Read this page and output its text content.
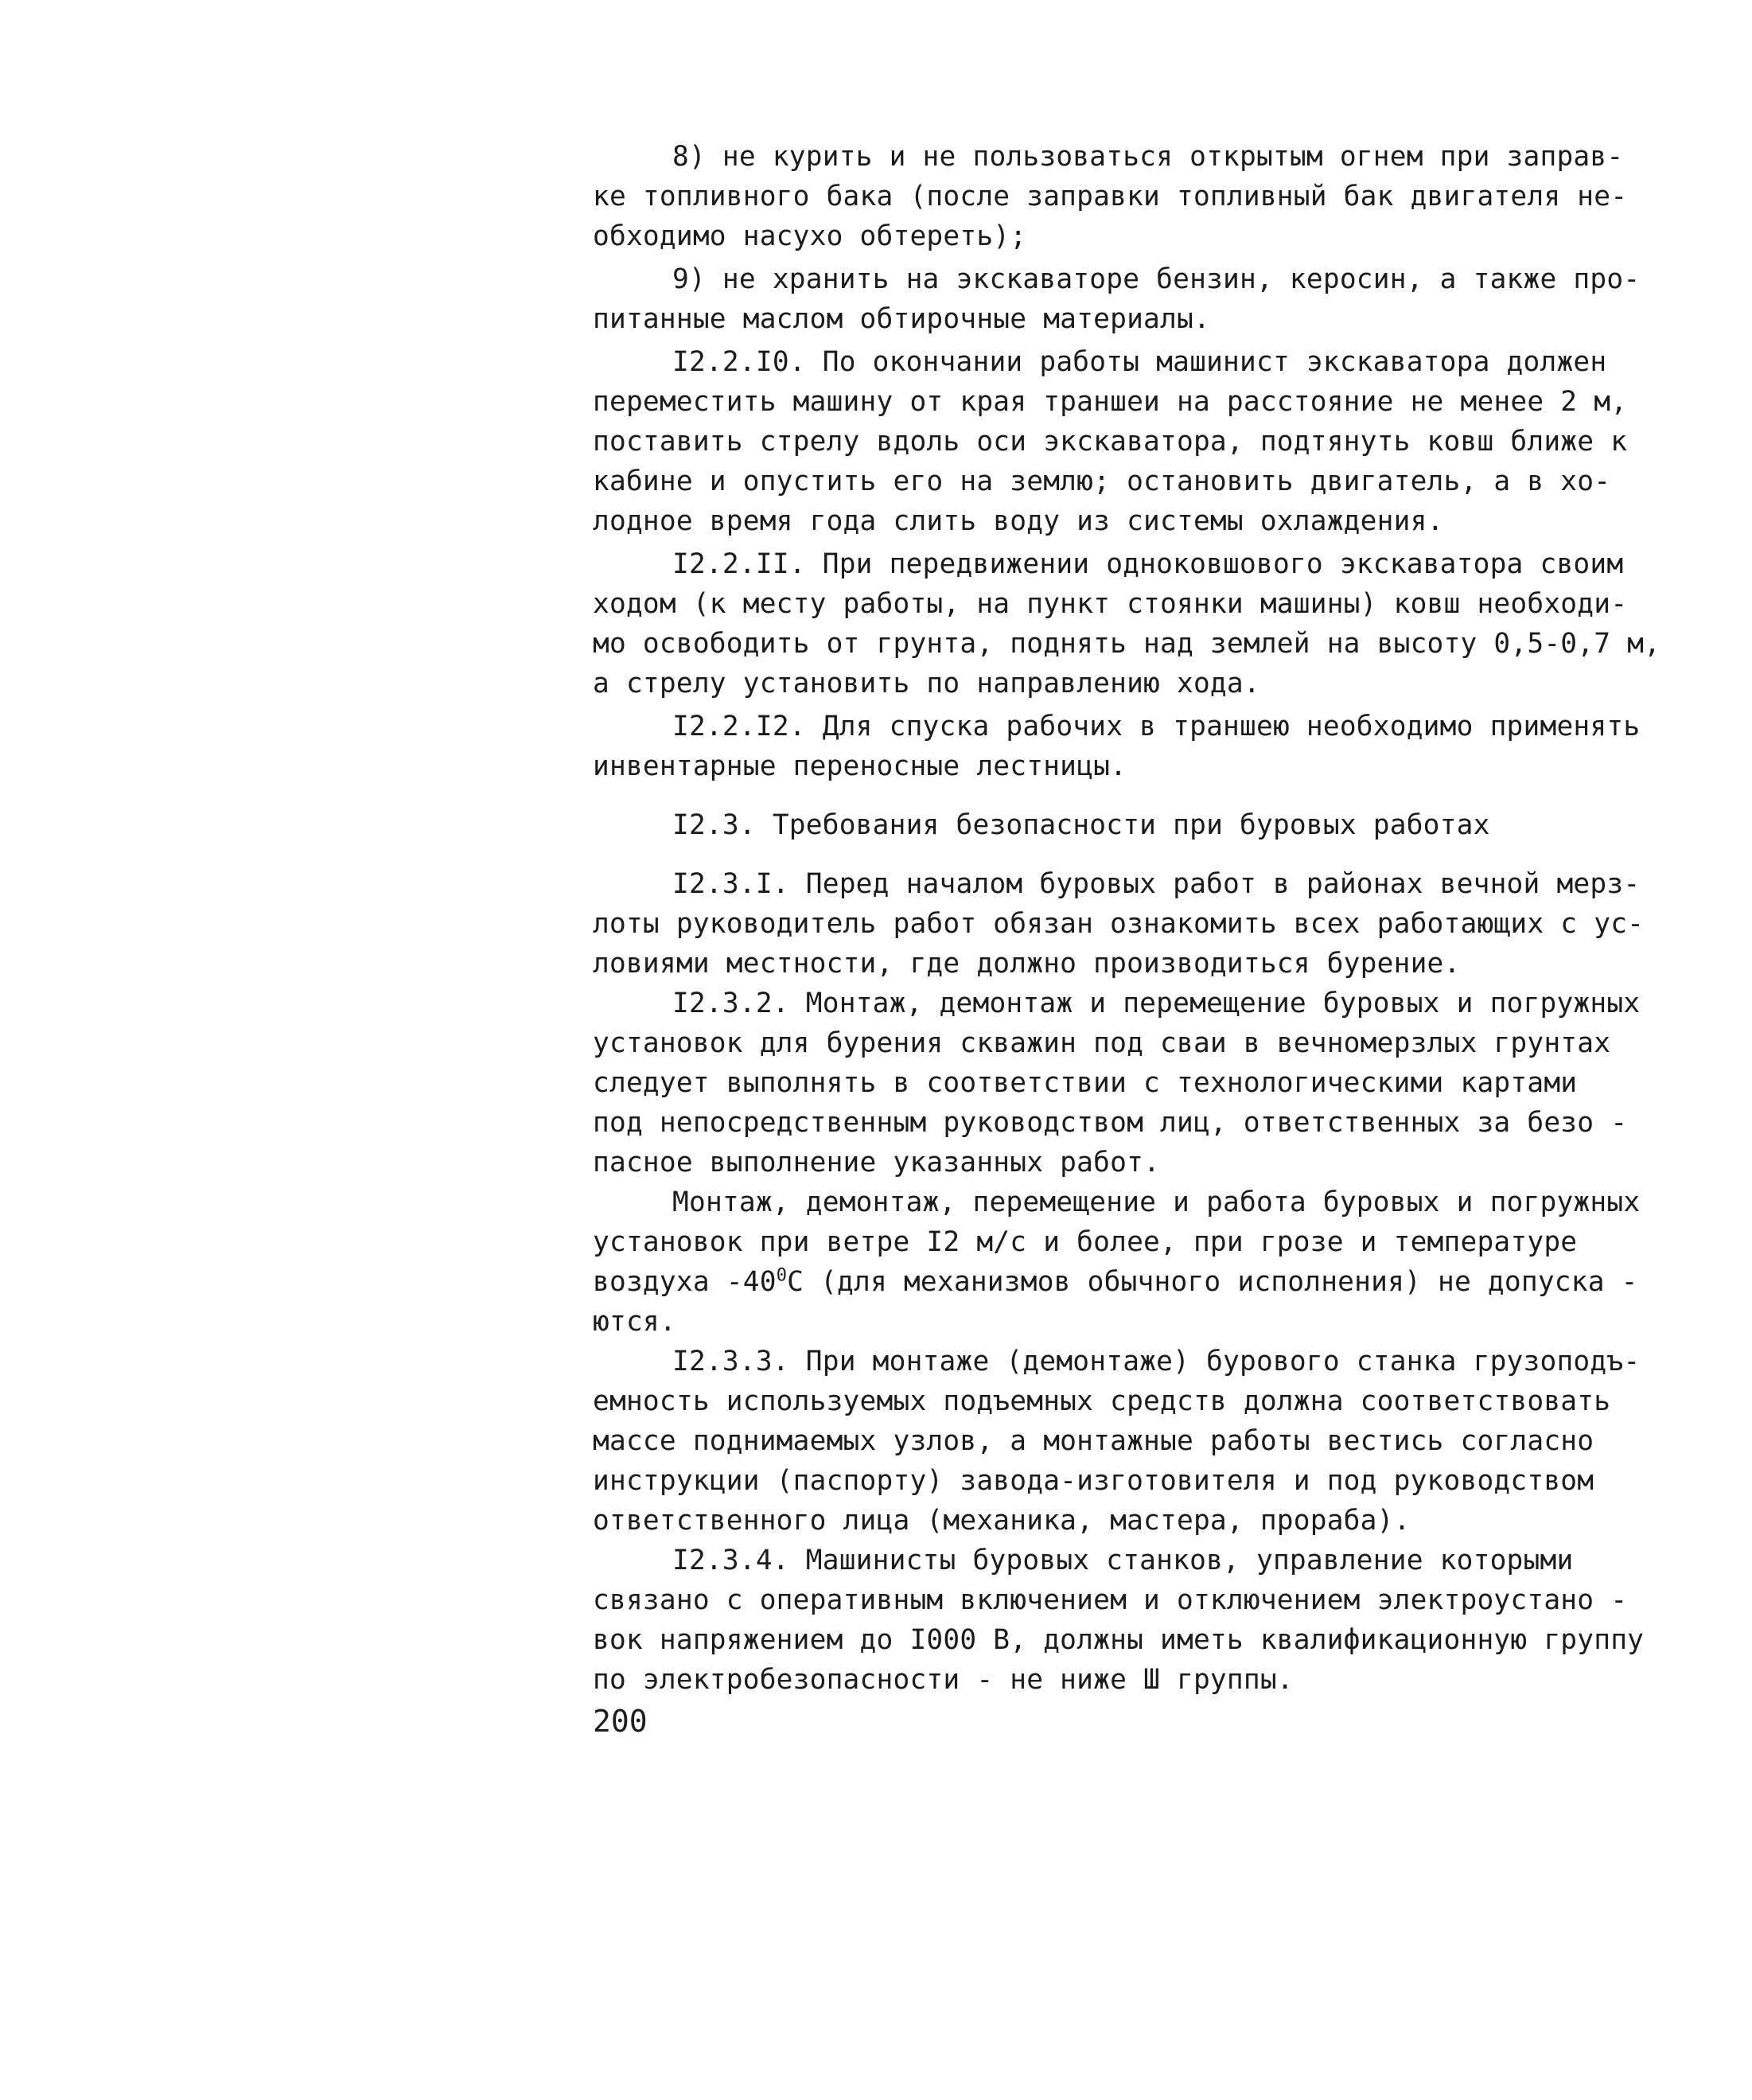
8) не курить и не пользоваться открытым огнем при заправ-
ке топливного бака (после заправки топливный бак двигателя не-
обходимо насухо обтереть);
9) не хранить на экскаваторе бензин, керосин, а также про-
питанные маслом обтирочные материалы.
I2.2.I0. По окончании работы машинист экскаватора должен
переместить машину от края траншеи на расстояние не менее 2 м,
поставить стрелу вдоль оси экскаватора, подтянуть ковш ближе к
кабине и опустить его на землю; остановить двигатель, а в хо-
лодное время года слить воду из системы охлаждения.
I2.2.II. При передвижении одноковшового экскаватора своим
ходом (к месту работы, на пункт стоянки машины) ковш необходи-
мо освободить от грунта, поднять над землей на высоту 0,5-0,7 м,
а стрелу установить по направлению хода.
I2.2.I2. Для спуска рабочих в траншею необходимо применять
инвентарные переносные лестницы.
I2.3. Требования безопасности при буровых работах
I2.3.I. Перед началом буровых работ в районах вечной мерз-
лоты руководитель работ обязан ознакомить всех работающих с ус-
ловиями местности, где должно производиться бурение.
I2.3.2. Монтаж, демонтаж и перемещение буровых и погружных
установок для бурения скважин под сваи в вечномерзлых грунтах
следует выполнять в соответствии с технологическими картами
под непосредственным руководством лиц, ответственных за безо -
пасное выполнение указанных работ.
Монтаж, демонтаж, перемещение и работа буровых и погружных
установок при ветре I2 м/с и более, при грозе и температуре
воздуха $-40^0C$ (для механизмов обычного исполнения) не допуска -
ются.
I2.3.3. При монтаже (демонтаже) бурового станка грузоподъ-
емность используемых подъемных средств должна соответствовать
массе поднимаемых узлов, а монтажные работы вестись согласно
инструкции (паспорту) завода-изготовителя и под руководством
ответственного лица (механика, мастера, прораба).
I2.3.4. Машинисты буровых станков, управление которыми
связано с оперативным включением и отключением электроустано -
вок напряжением до I000 В, должны иметь квалификационную группу
по электробезопасности - не ниже Ш группы.
200
